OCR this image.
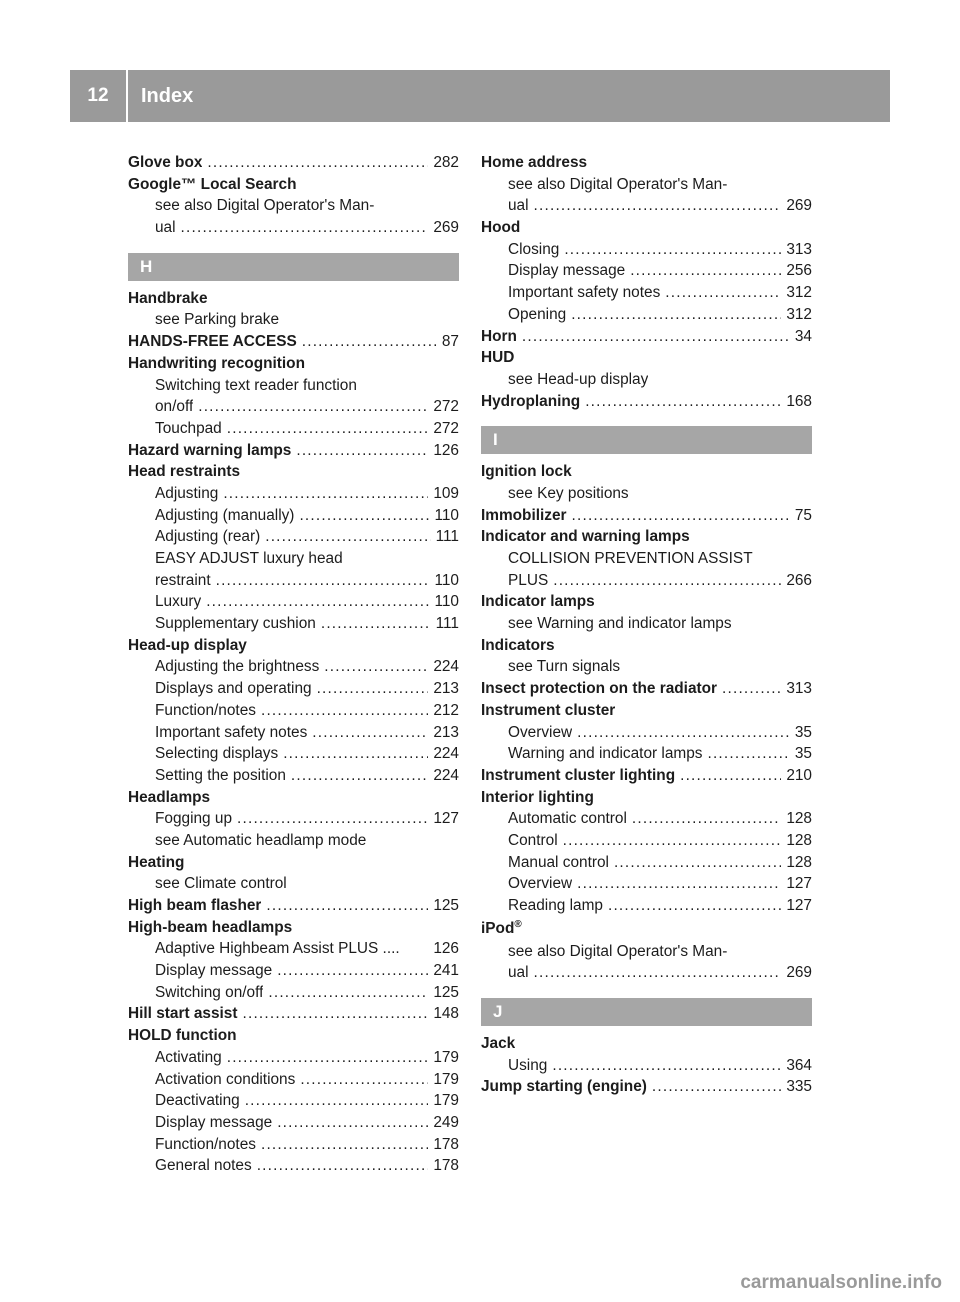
12	Index
Glove box .....	282
Google™ Local Search
see also Digital Operator's Man-
ual .....	269
H
Handbrake
see Parking brake
HANDS-FREE ACCESS .....	87
Handwriting recognition
Switching text reader function
on/off .....	272
Touchpad .....	272
Hazard warning lamps .....	126
Head restraints
Adjusting .....	109
Adjusting (manually) .....	110
Adjusting (rear) .....	111
EASY ADJUST luxury head
restraint .....	110
Luxury .....	110
Supplementary cushion .....	111
Head-up display
Adjusting the brightness .....	224
Displays and operating .....	213
Function/notes .....	212
Important safety notes .....	213
Selecting displays .....	224
Setting the position .....	224
Headlamps
Fogging up .....	127
see Automatic headlamp mode
Heating
see Climate control
High beam flasher .....	125
High-beam headlamps
Adaptive Highbeam Assist PLUS .... 126
Display message .....	241
Switching on/off .....	125
Hill start assist .....	148
HOLD function
Activating .....	179
Activation conditions .....	179
Deactivating .....	179
Display message .....	249
Function/notes .....	178
General notes .....	178
Home address
see also Digital Operator's Man-
ual .....	269
Hood
Closing .....	313
Display message .....	256
Important safety notes .....	312
Opening .....	312
Horn .....	34
HUD
see Head-up display
Hydroplaning .....	168
I
Ignition lock
see Key positions
Immobilizer .....	75
Indicator and warning lamps
COLLISION PREVENTION ASSIST
PLUS .....	266
Indicator lamps
see Warning and indicator lamps
Indicators
see Turn signals
Insect protection on the radiator .....	313
Instrument cluster
Overview .....	35
Warning and indicator lamps .....	35
Instrument cluster lighting .....	210
Interior lighting
Automatic control .....	128
Control .....	128
Manual control .....	128
Overview .....	127
Reading lamp .....	127
iPod®
see also Digital Operator's Man-
ual .....	269
J
Jack
Using .....	364
Jump starting (engine) .....	335
carmanualsonline.info
